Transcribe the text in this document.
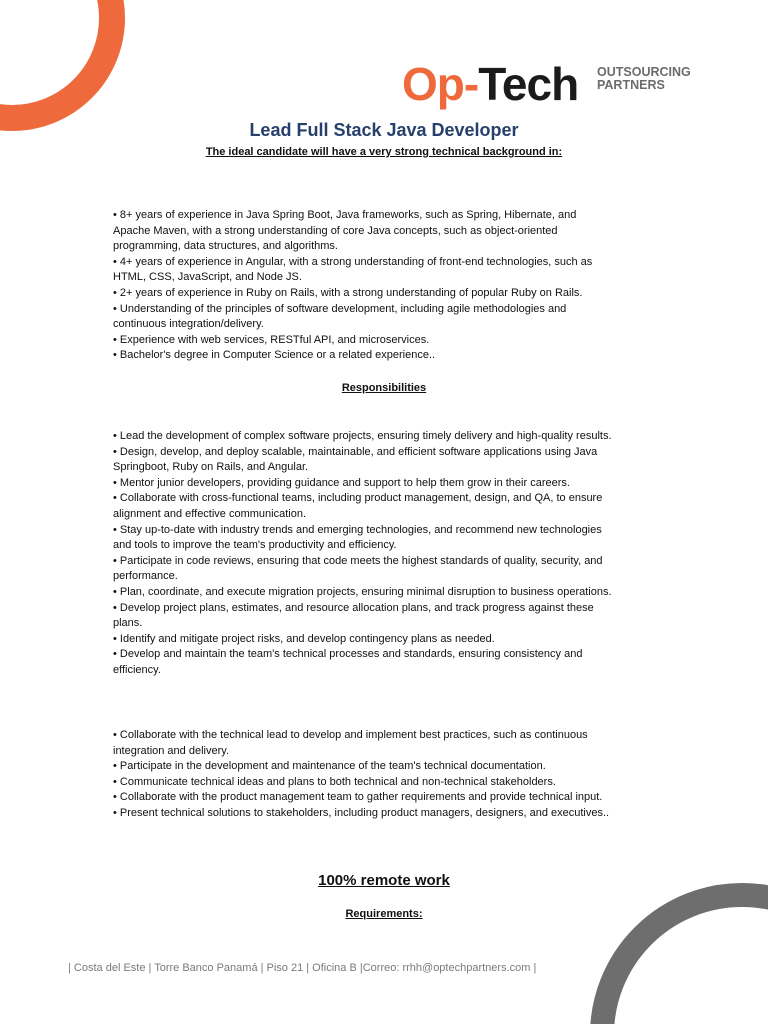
Op-Tech OUTSOURCING
PARTNERS
Lead Full Stack Java Developer

The ideal candidate will have a very strong technical background in:

• 8+ years of experience in Java Spring Boot, Java frameworks, such as Spring, Hibernate, and Apache Maven, with a strong understanding of core Java concepts, such as object-oriented programming, data structures, and algorithms.
• 4+ years of experience in Angular, with a strong understanding of front-end technologies, such as HTML, CSS, JavaScript, and Node JS.
• 2+ years of experience in Ruby on Rails, with a strong understanding of popular Ruby on Rails.
• Understanding of the principles of software development, including agile methodologies and continuous integration/delivery.
• Experience with web services, RESTful API, and microservices.
• Bachelor's degree in Computer Science or a related experience..

Responsibilities

• Lead the development of complex software projects, ensuring timely delivery and high-quality results.
• Design, develop, and deploy scalable, maintainable, and efficient software applications using Java Springboot, Ruby on Rails, and Angular.
• Mentor junior developers, providing guidance and support to help them grow in their careers.
• Collaborate with cross-functional teams, including product management, design, and QA, to ensure alignment and effective communication.
• Stay up-to-date with industry trends and emerging technologies, and recommend new technologies and tools to improve the team's productivity and efficiency.
• Participate in code reviews, ensuring that code meets the highest standards of quality, security, and performance.
• Plan, coordinate, and execute migration projects, ensuring minimal disruption to business operations.
• Develop project plans, estimates, and resource allocation plans, and track progress against these plans.
• Identify and mitigate project risks, and develop contingency plans as needed.
• Develop and maintain the team's technical processes and standards, ensuring consistency and efficiency.
• Collaborate with the technical lead to develop and implement best practices, such as continuous integration and delivery.
• Participate in the development and maintenance of the team's technical documentation.
• Communicate technical ideas and plans to both technical and non-technical stakeholders.
• Collaborate with the product management team to gather requirements and provide technical input.
• Present technical solutions to stakeholders, including product managers, designers, and executives..

100% remote work

Requirements:

| Costa del Este | Torre Banco Panamá | Piso 21 | Oficina B |Correo: rrhh@optechpartners.com |
